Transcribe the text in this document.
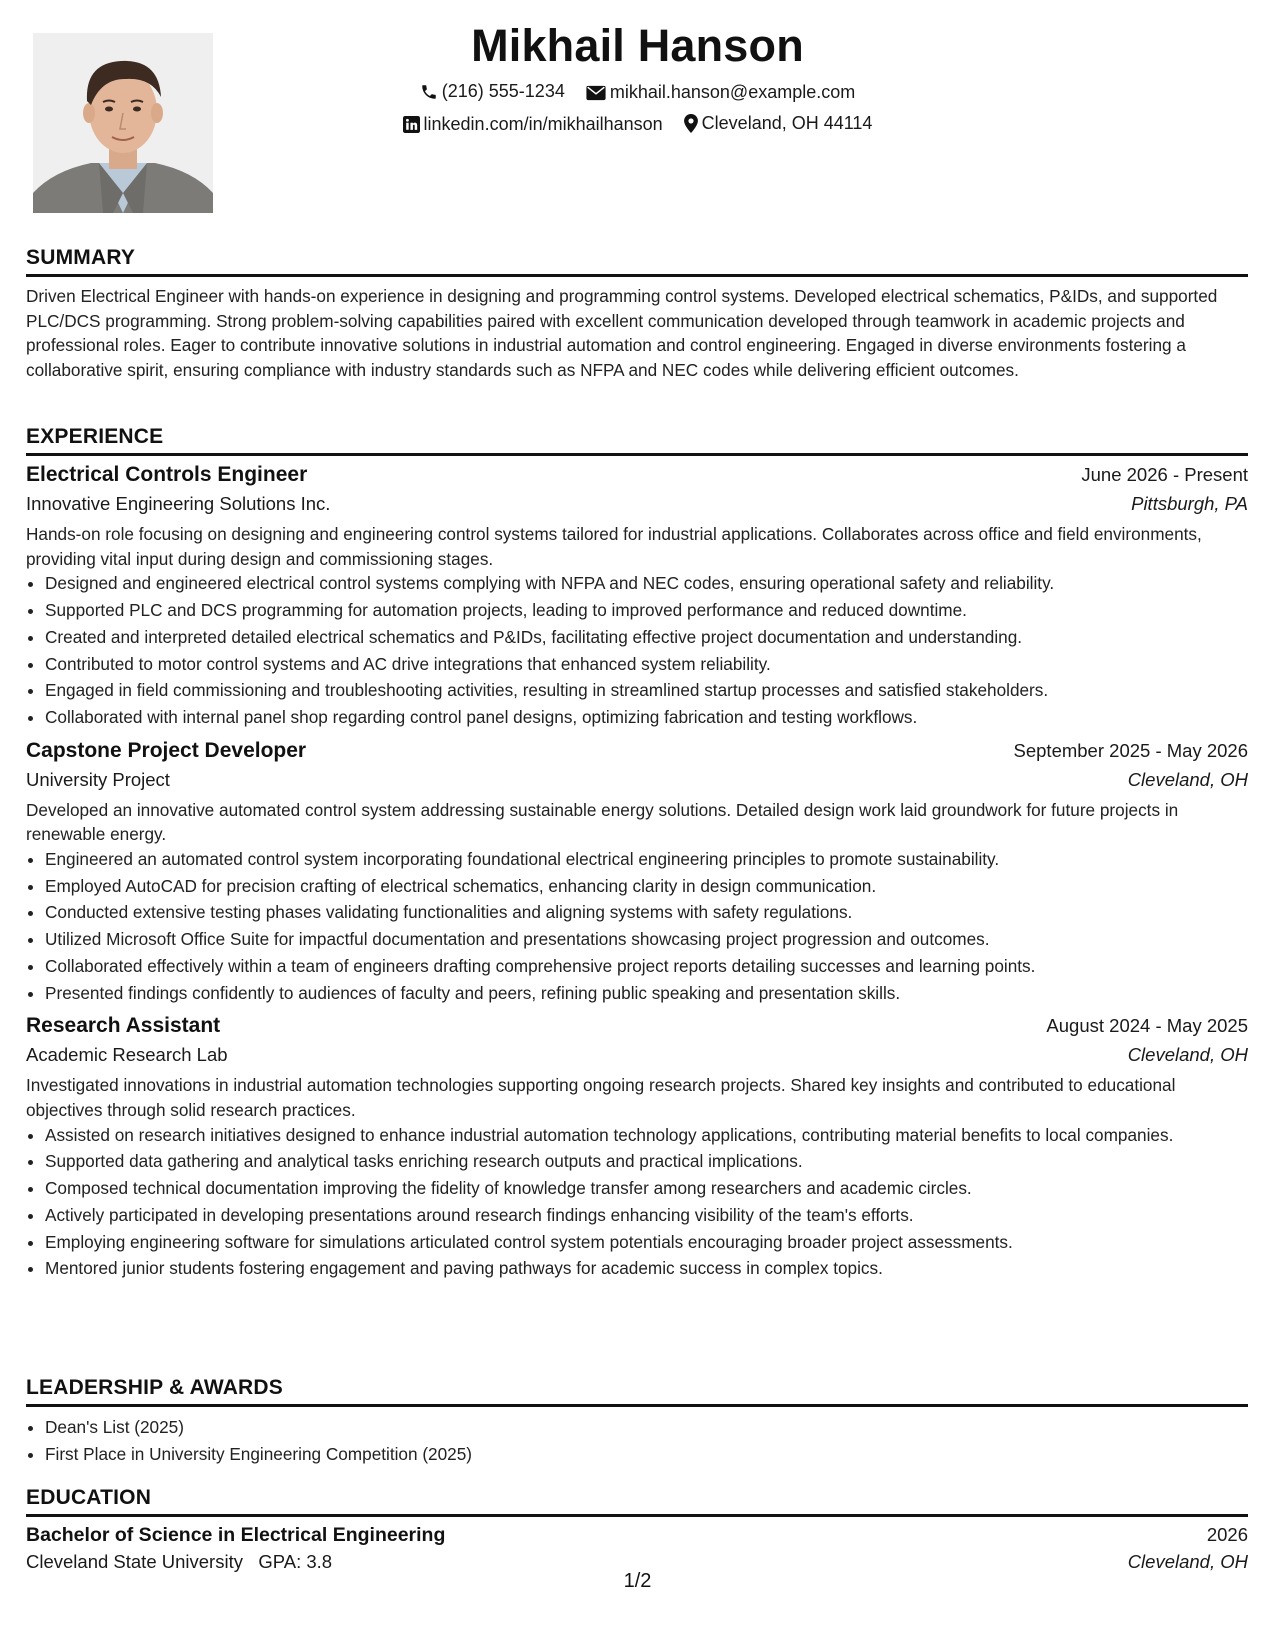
Mikhail Hanson
(216) 555-1234
	mikhail.hanson@example.com
linkedin.com/in/mikhailhanson
Cleveland, OH 44114
SUMMARY
Driven Electrical Engineer with hands-on experience in designing and programming control systems. Developed electrical schematics, P&IDs, and supported PLC/DCS programming. Strong problem-solving capabilities paired with excellent communication developed through teamwork in academic projects and professional roles. Eager to contribute innovative solutions in industrial automation and control engineering. Engaged in diverse environments fostering a collaborative spirit, ensuring compliance with industry standards such as NFPA and NEC codes while delivering efficient outcomes.
EXPERIENCE
Electrical Controls Engineer	June 2026 - Present
Innovative Engineering Solutions Inc.	Pittsburgh, PA
Hands-on role focusing on designing and engineering control systems tailored for industrial applications. Collaborates across office and field environments, providing vital input during design and commissioning stages.
• Designed and engineered electrical control systems complying with NFPA and NEC codes, ensuring operational safety and reliability.
• Supported PLC and DCS programming for automation projects, leading to improved performance and reduced downtime.
• Created and interpreted detailed electrical schematics and P&IDs, facilitating effective project documentation and understanding.
• Contributed to motor control systems and AC drive integrations that enhanced system reliability.
• Engaged in field commissioning and troubleshooting activities, resulting in streamlined startup processes and satisfied stakeholders.
• Collaborated with internal panel shop regarding control panel designs, optimizing fabrication and testing workflows.
Capstone Project Developer	September 2025 - May 2026
University Project	Cleveland, OH
Developed an innovative automated control system addressing sustainable energy solutions. Detailed design work laid groundwork for future projects in renewable energy.
• Engineered an automated control system incorporating foundational electrical engineering principles to promote sustainability.
• Employed AutoCAD for precision crafting of electrical schematics, enhancing clarity in design communication.
• Conducted extensive testing phases validating functionalities and aligning systems with safety regulations.
• Utilized Microsoft Office Suite for impactful documentation and presentations showcasing project progression and outcomes.
• Collaborated effectively within a team of engineers drafting comprehensive project reports detailing successes and learning points.
• Presented findings confidently to audiences of faculty and peers, refining public speaking and presentation skills.
Research Assistant	August 2024 - May 2025
Academic Research Lab	Cleveland, OH
Investigated innovations in industrial automation technologies supporting ongoing research projects. Shared key insights and contributed to educational objectives through solid research practices.
• Assisted on research initiatives designed to enhance industrial automation technology applications, contributing material benefits to local companies.
• Supported data gathering and analytical tasks enriching research outputs and practical implications.
• Composed technical documentation improving the fidelity of knowledge transfer among researchers and academic circles.
• Actively participated in developing presentations around research findings enhancing visibility of the team's efforts.
• Employing engineering software for simulations articulated control system potentials encouraging broader project assessments.
• Mentored junior students fostering engagement and paving pathways for academic success in complex topics.
LEADERSHIP & AWARDS
• Dean's List (2025)
• First Place in University Engineering Competition (2025)
EDUCATION
Bachelor of Science in Electrical Engineering	2026
Cleveland State University GPA: 3.8	Cleveland, OH
1/2
